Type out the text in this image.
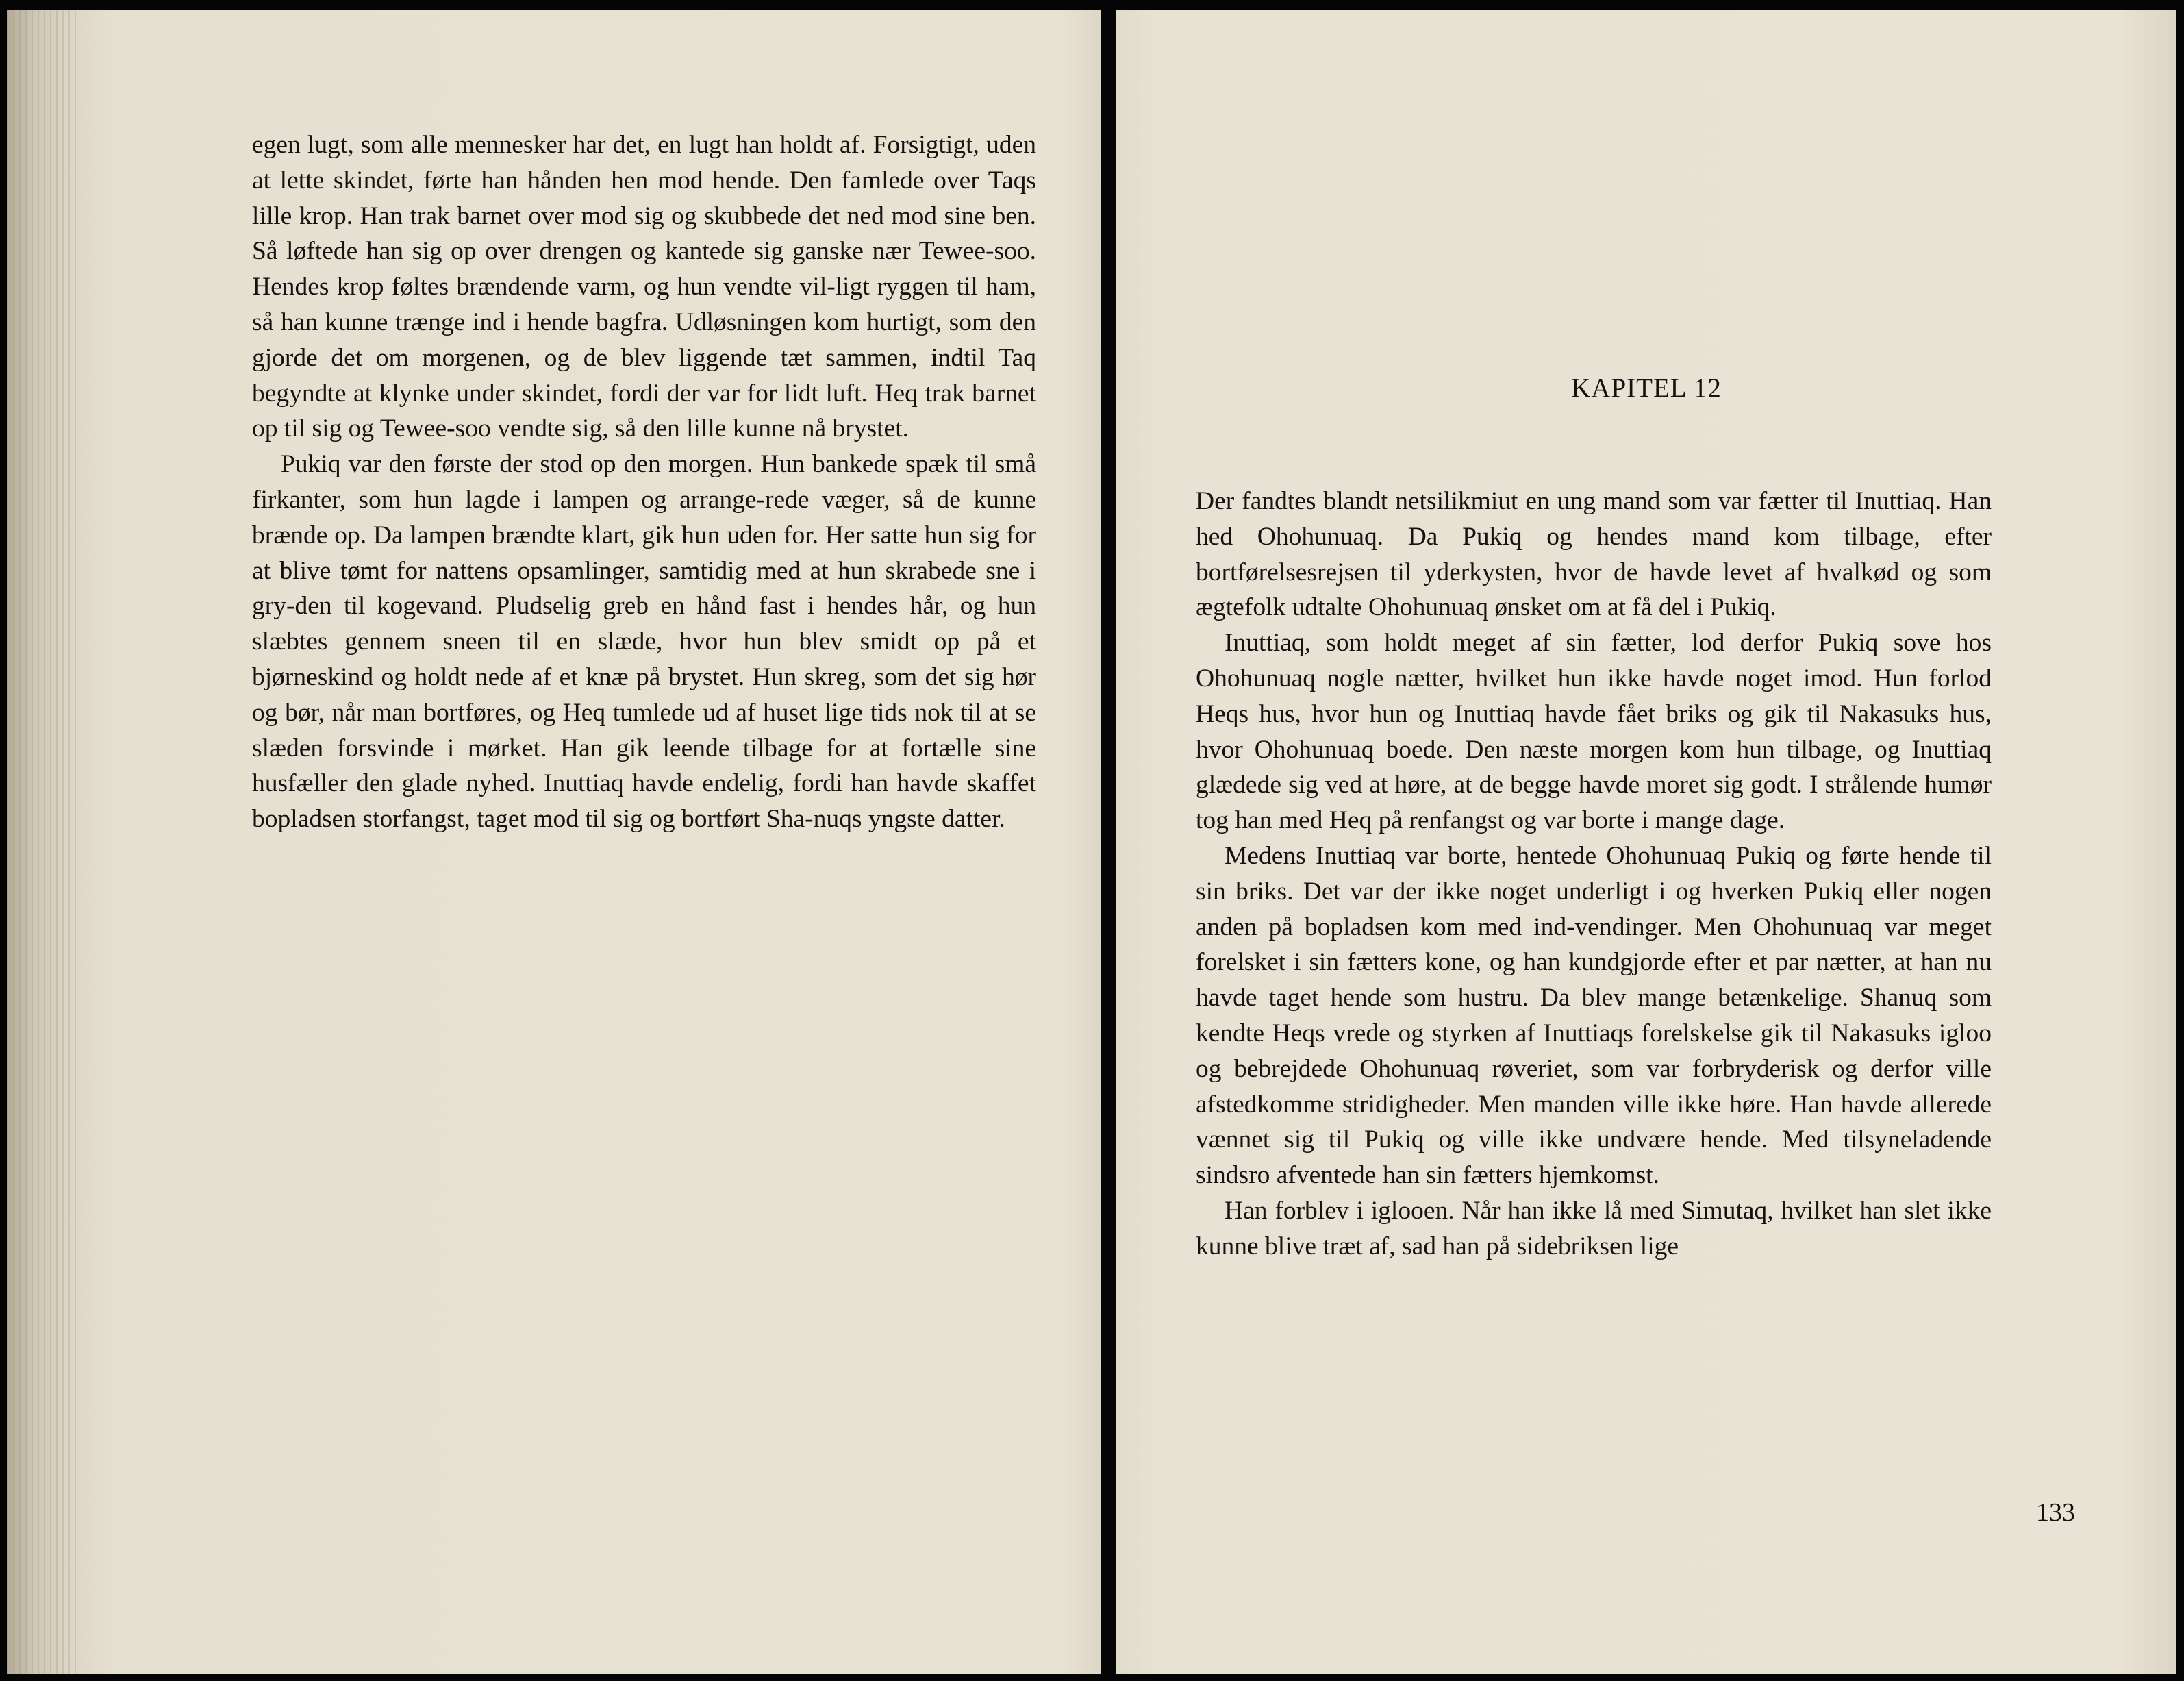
egen lugt, som alle mennesker har det, en lugt han holdt af. Forsigtigt, uden at lette skindet, førte han hånden hen mod hende. Den famlede over Taqs lille krop. Han trak barnet over mod sig og skubbede det ned mod sine ben. Så løftede han sig op over drengen og kantede sig ganske nær Tewee-soo. Hendes krop føltes brændende varm, og hun vendte vil-ligt ryggen til ham, så han kunne trænge ind i hende bagfra. Udløsningen kom hurtigt, som den gjorde det om morgenen, og de blev liggende tæt sammen, indtil Taq begyndte at klynke under skindet, fordi der var for lidt luft. Heq trak barnet op til sig og Tewee-soo vendte sig, så den lille kunne nå brystet.

Pukiq var den første der stod op den morgen. Hun bankede spæk til små firkanter, som hun lagde i lampen og arrange-rede væger, så de kunne brænde op. Da lampen brændte klart, gik hun uden for. Her satte hun sig for at blive tømt for nattens opsamlinger, samtidig med at hun skrabede sne i gry-den til kogevand. Pludselig greb en hånd fast i hendes hår, og hun slæbtes gennem sneen til en slæde, hvor hun blev smidt op på et bjørneskind og holdt nede af et knæ på brystet. Hun skreg, som det sig hør og bør, når man bortføres, og Heq tumlede ud af huset lige tids nok til at se slæden forsvinde i mørket. Han gik leende tilbage for at fortælle sine husfæller den glade nyhed. Inuttiaq havde endelig, fordi han havde skaffet bopladsen storfangst, taget mod til sig og bortført Sha-nuqs yngste datter.

KAPITEL 12

Der fandtes blandt netsilikmiut en ung mand som var fætter til Inuttiaq. Han hed Ohohunuaq. Da Pukiq og hendes mand kom tilbage, efter bortførelsesrejsen til yderkysten, hvor de havde levet af hvalkød og som ægtefolk udtalte Ohohunuaq ønsket om at få del i Pukiq.

Inuttiaq, som holdt meget af sin fætter, lod derfor Pukiq sove hos Ohohunuaq nogle nætter, hvilket hun ikke havde noget imod. Hun forlod Heqs hus, hvor hun og Inuttiaq havde fået briks og gik til Nakasuks hus, hvor Ohohunuaq boede. Den næste morgen kom hun tilbage, og Inuttiaq glædede sig ved at høre, at de begge havde moret sig godt. I strålende humør tog han med Heq på renfangst og var borte i mange dage.

Medens Inuttiaq var borte, hentede Ohohunuaq Pukiq og førte hende til sin briks. Det var der ikke noget underligt i og hverken Pukiq eller nogen anden på bopladsen kom med ind-vendinger. Men Ohohunuaq var meget forelsket i sin fætters kone, og han kundgjorde efter et par nætter, at han nu havde taget hende som hustru. Da blev mange betænkelige. Shanuq som kendte Heqs vrede og styrken af Inuttiaqs forelskelse gik til Nakasuks igloo og bebrejdede Ohohunuaq røveriet, som var forbryderisk og derfor ville afstedkomme stridigheder. Men manden ville ikke høre. Han havde allerede vænnet sig til Pukiq og ville ikke undvære hende. Med tilsyneladende sindsro afventede han sin fætters hjemkomst.

Han forblev i iglooen. Når han ikke lå med Simutaq, hvilket han slet ikke kunne blive træt af, sad han på sidebriksen lige

133
